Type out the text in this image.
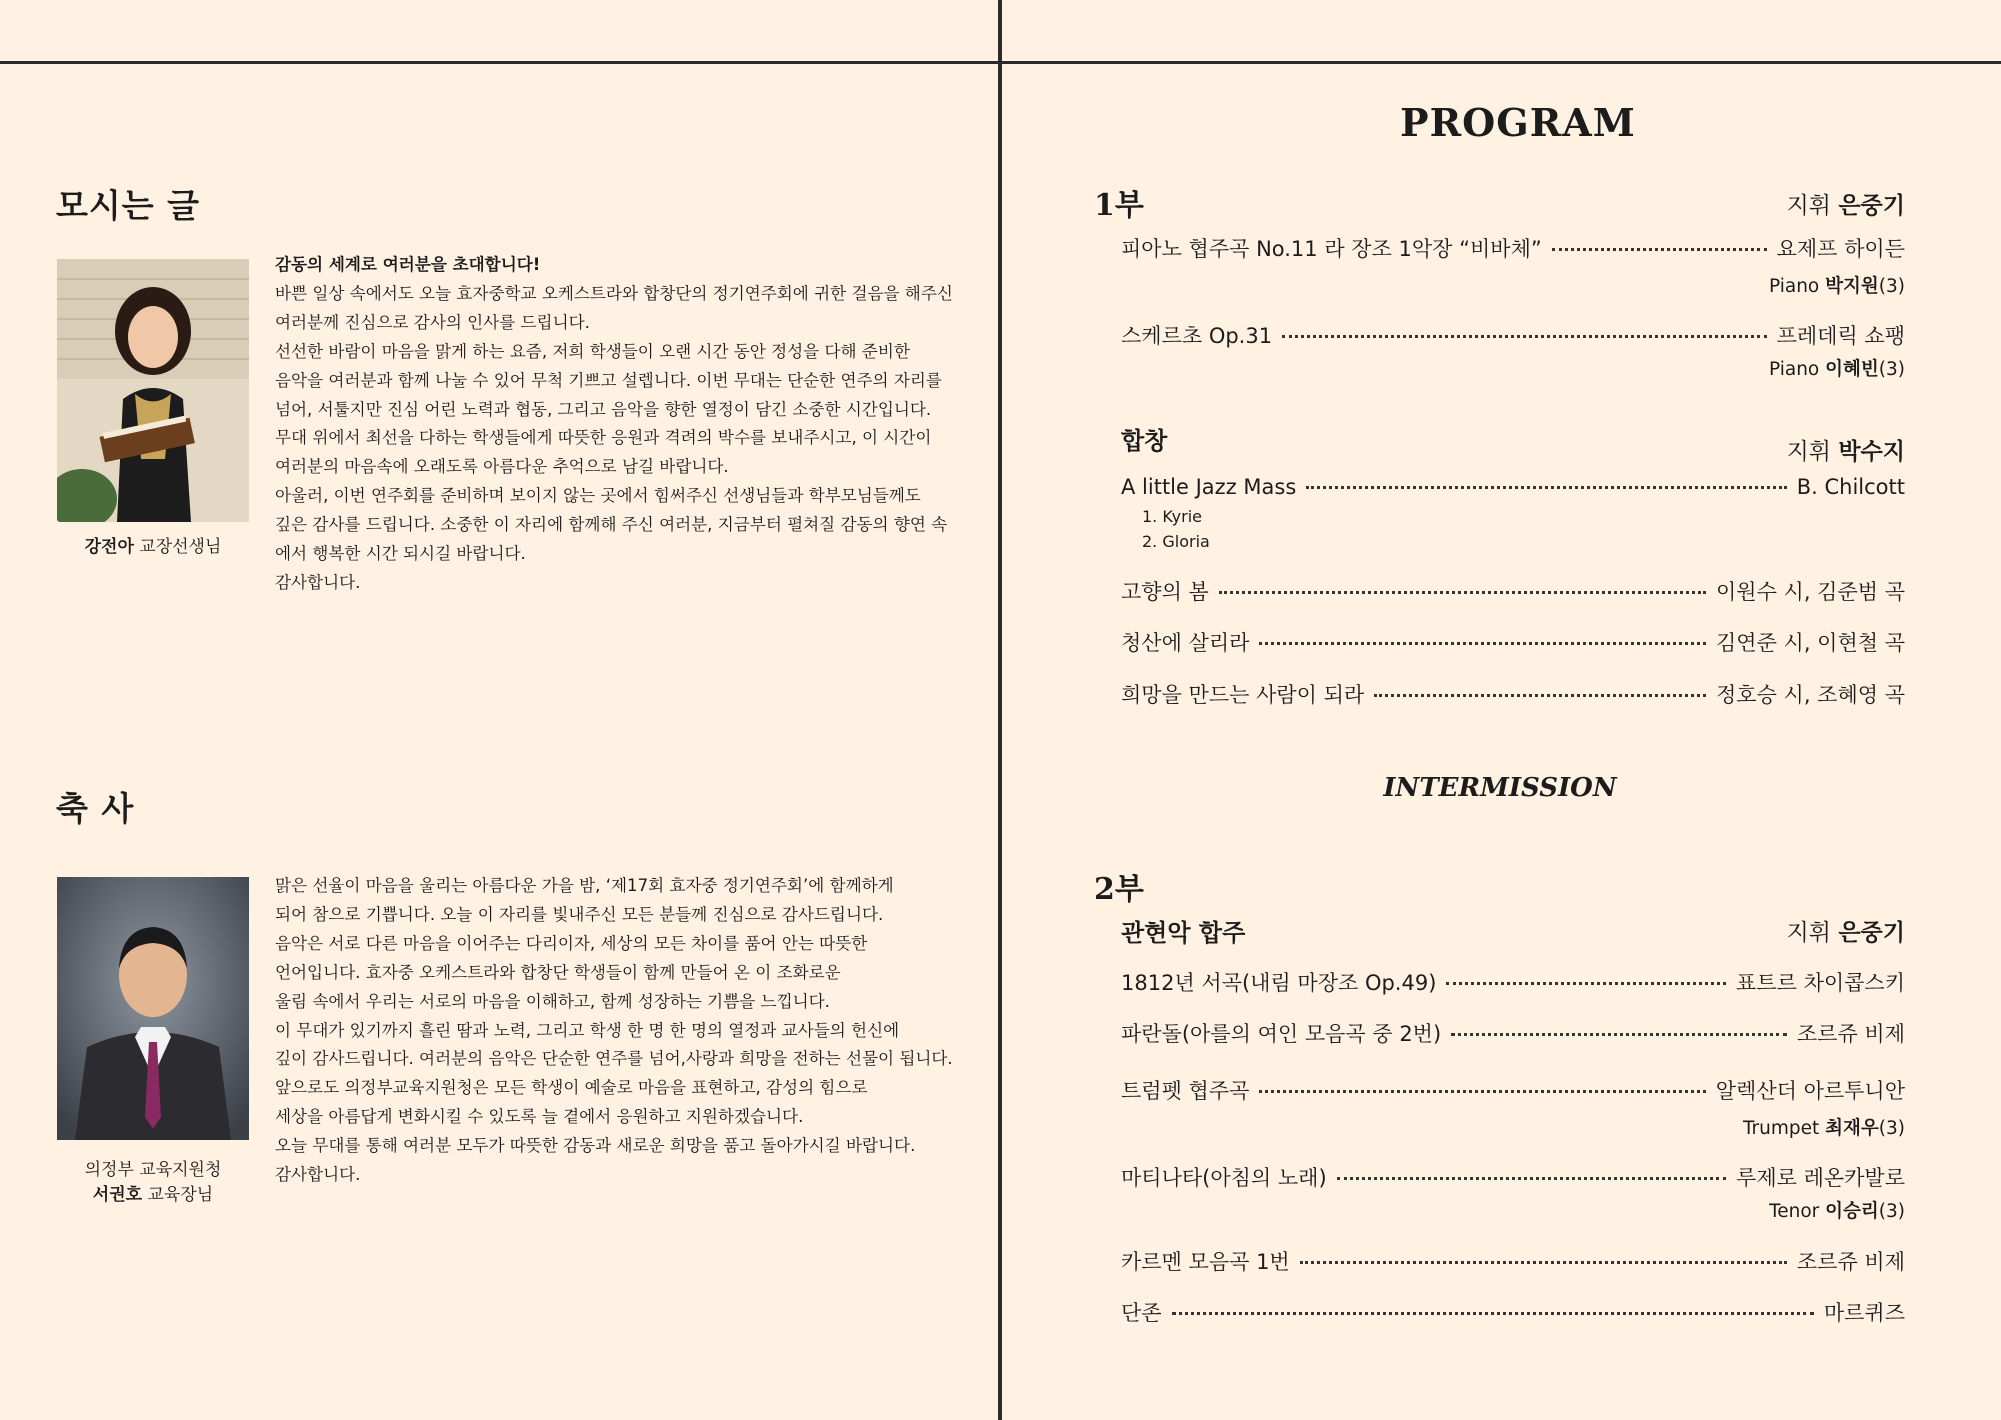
모시는 글
강전아 교장선생님

감동의 세계로 여러분을 초대합니다!

바쁜 일상 속에서도 오늘 효자중학교 오케스트라와 합창단의 정기연주회에 귀한 걸음을 해주신

여러분께 진심으로 감사의 인사를 드립니다.

선선한 바람이 마음을 맑게 하는 요즘, 저희 학생들이 오랜 시간 동안 정성을 다해 준비한

음악을 여러분과 함께 나눌 수 있어 무척 기쁘고 설렙니다. 이번 무대는 단순한 연주의 자리를

넘어, 서툴지만 진심 어린 노력과 협동, 그리고 음악을 향한 열정이 담긴 소중한 시간입니다.

무대 위에서 최선을 다하는 학생들에게 따뜻한 응원과 격려의 박수를 보내주시고, 이 시간이

여러분의 마음속에 오래도록 아름다운 추억으로 남길 바랍니다.

아울러, 이번 연주회를 준비하며 보이지 않는 곳에서 힘써주신 선생님들과 학부모님들께도

깊은 감사를 드립니다. 소중한 이 자리에 함께해 주신 여러분, 지금부터 펼쳐질 감동의 향연 속

에서 행복한 시간 되시길 바랍니다.

감사합니다.

축 사
의정부 교육지원청
서권호 교육장님

맑은 선율이 마음을 울리는 아름다운 가을 밤, ‘제17회 효자중 정기연주회’에 함께하게

되어 참으로 기쁩니다. 오늘 이 자리를 빛내주신 모든 분들께 진심으로 감사드립니다.

음악은 서로 다른 마음을 이어주는 다리이자, 세상의 모든 차이를 품어 안는 따뜻한

언어입니다. 효자중 오케스트라와 합창단 학생들이 함께 만들어 온 이 조화로운

울림 속에서 우리는 서로의 마음을 이해하고, 함께 성장하는 기쁨을 느낍니다.

이 무대가 있기까지 흘린 땀과 노력, 그리고 학생 한 명 한 명의 열정과 교사들의 헌신에

깊이 감사드립니다. 여러분의 음악은 단순한 연주를 넘어,사랑과 희망을 전하는 선물이 됩니다.

앞으로도 의정부교육지원청은 모든 학생이 예술로 마음을 표현하고, 감성의 힘으로

세상을 아름답게 변화시킬 수 있도록 늘 곁에서 응원하고 지원하겠습니다.

오늘 무대를 통해 여러분 모두가 따뜻한 감동과 새로운 희망을 품고 돌아가시길 바랍니다.

감사합니다.

PROGRAM
1부	지휘 은중기
피아노 협주곡 No.11 라 장조 1악장 “비바체”	요제프 하이든
Piano 박지원(3)
스케르초 Op.31	프레데릭 쇼팽
Piano 이혜빈(3)
합창	지휘 박수지
A little Jazz Mass	B. Chilcott
1. Kyrie
2. Gloria
고향의 봄	이원수 시, 김준범 곡
청산에 살리라	김연준 시, 이현철 곡
희망을 만드는 사람이 되라	정호승 시, 조혜영 곡
INTERMISSION
2부
관현악 합주	지휘 은중기
1812년 서곡(내림 마장조 Op.49)	표트르 차이콥스키
파란돌(아를의 여인 모음곡 중 2번)	조르쥬 비제
트럼펫 협주곡	알렉산더 아르투니안
Trumpet 최재우(3)
마티나타(아침의 노래)	루제로 레온카발로
Tenor 이승리(3)
카르멘 모음곡 1번	조르쥬 비제
단존	마르퀴즈
